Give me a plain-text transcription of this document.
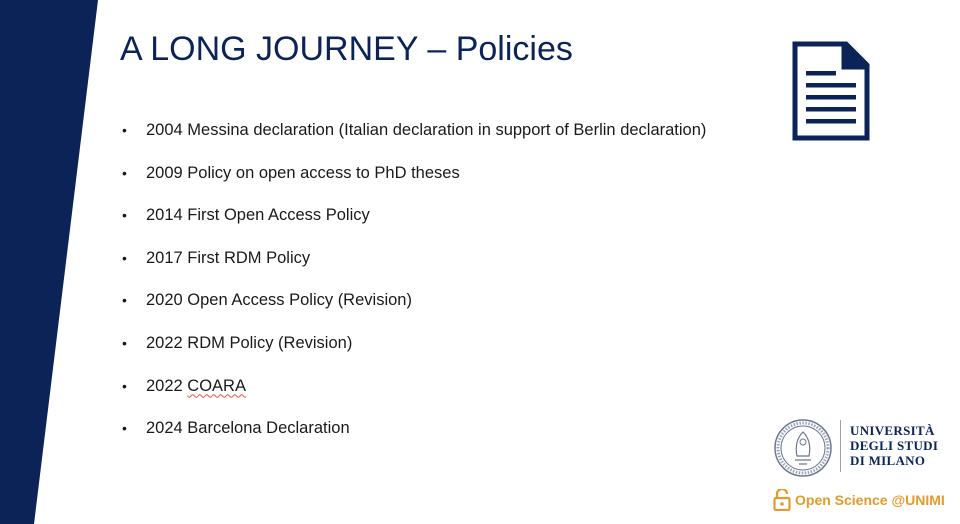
A LONG JOURNEY – Policies
• 2004 Messina declaration (Italian declaration in support of Berlin declaration)
• 2009 Policy on open access to PhD theses
• 2014 First Open Access Policy
• 2017 First RDM Policy
• 2020 Open Access Policy (Revision)
• 2022 RDM Policy (Revision)
• 2022 COARA
• 2024 Barcelona Declaration	UNIVERSITÀ
DEGLI STUDI
DI MILANO
Open Science @UNIMI
